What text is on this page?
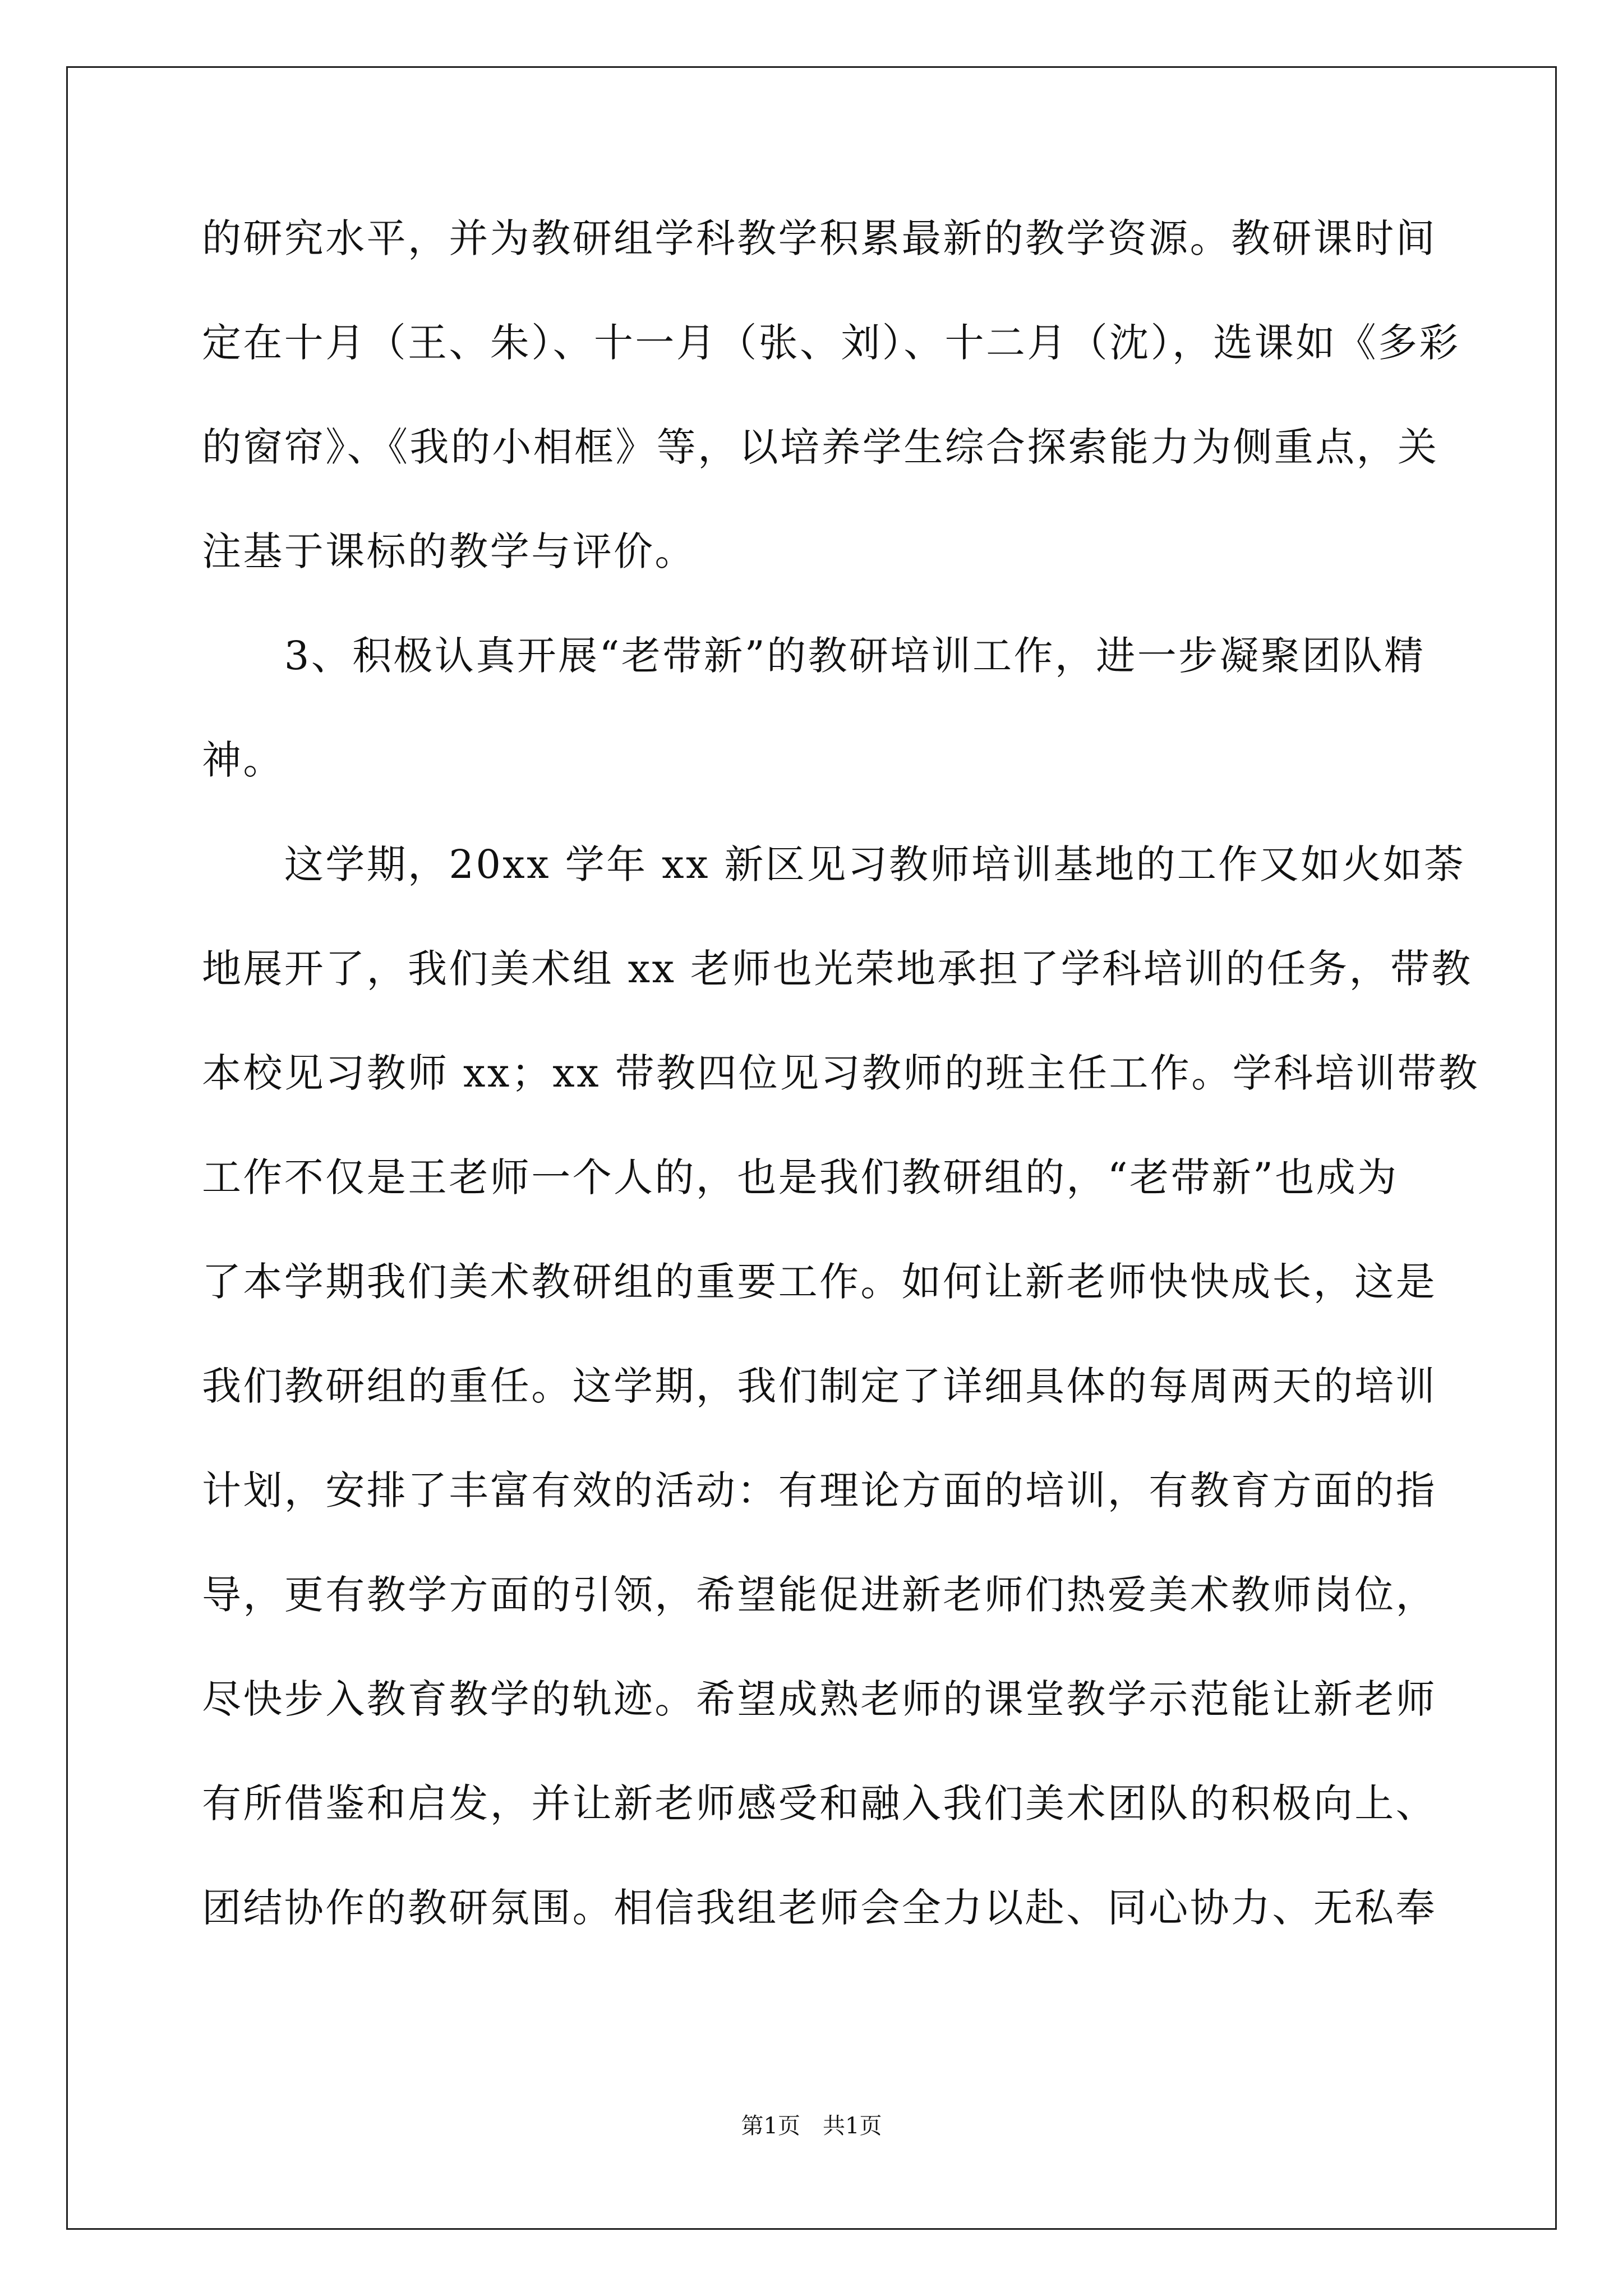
的研究水平，并为教研组学科教学积累最新的教学资源。教研课时间
定在十月（王、朱）、十一月（张、刘）、十二月（沈），选课如《多彩
的窗帘》、《我的小相框》等，以培养学生综合探索能力为侧重点，关
注基于课标的教学与评价。
　　3、积极认真开展“老带新”的教研培训工作，进一步凝聚团队精
神。
　　这学期，20xx 学年 xx 新区见习教师培训基地的工作又如火如荼
地展开了，我们美术组 xx 老师也光荣地承担了学科培训的任务，带教
本校见习教师 xx；xx 带教四位见习教师的班主任工作。学科培训带教
工作不仅是王老师一个人的，也是我们教研组的，“老带新”也成为
了本学期我们美术教研组的重要工作。如何让新老师快快成长，这是
我们教研组的重任。这学期，我们制定了详细具体的每周两天的培训
计划，安排了丰富有效的活动：有理论方面的培训，有教育方面的指
导，更有教学方面的引领，希望能促进新老师们热爱美术教师岗位，
尽快步入教育教学的轨迹。希望成熟老师的课堂教学示范能让新老师
有所借鉴和启发，并让新老师感受和融入我们美术团队的积极向上、
团结协作的教研氛围。相信我组老师会全力以赴、同心协力、无私奉
第1页　共1页
